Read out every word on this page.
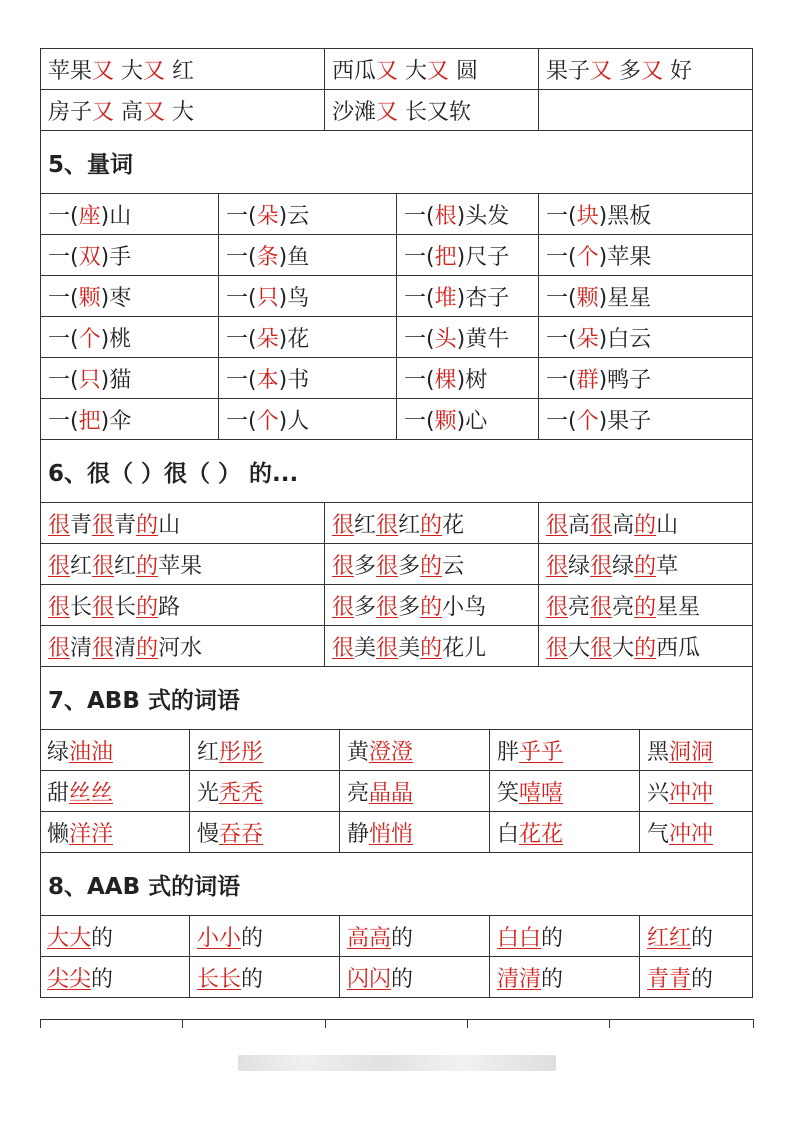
苹果又 大又 红	西瓜又 大又 圆	果子又 多又 好
房子又 高又 大	沙滩又 长又软	
5、量词
一(座)山	一(朵)云	一(根)头发	一(块)黑板
一(双)手	一(条)鱼	一(把)尺子	一(个)苹果
一(颗)枣	一(只)鸟	一(堆)杏子	一(颗)星星
一(个)桃	一(朵)花	一(头)黄牛	一(朵)白云
一(只)猫	一(本)书	一(棵)树	一(群)鸭子
一(把)伞	一(个)人	一(颗)心	一(个)果子
6、很（ ）很（ ） 的...
很青很青的山	很红很红的花	很高很高的山
很红很红的苹果	很多很多的云	很绿很绿的草
很长很长的路	很多很多的小鸟	很亮很亮的星星
很清很清的河水	很美很美的花儿	很大很大的西瓜
7、ABB 式的词语

绿油油	红彤彤	黄澄澄	胖乎乎	黑洞洞

甜丝丝	光秃秃	亮晶晶	笑嘻嘻	兴冲冲

懒洋洋	慢吞吞	静悄悄	白花花	气冲冲

8、AAB 式的词语

大大的	小小的	高高的	白白的	红红的

尖尖的	长长的	闪闪的	清清的	青青的
